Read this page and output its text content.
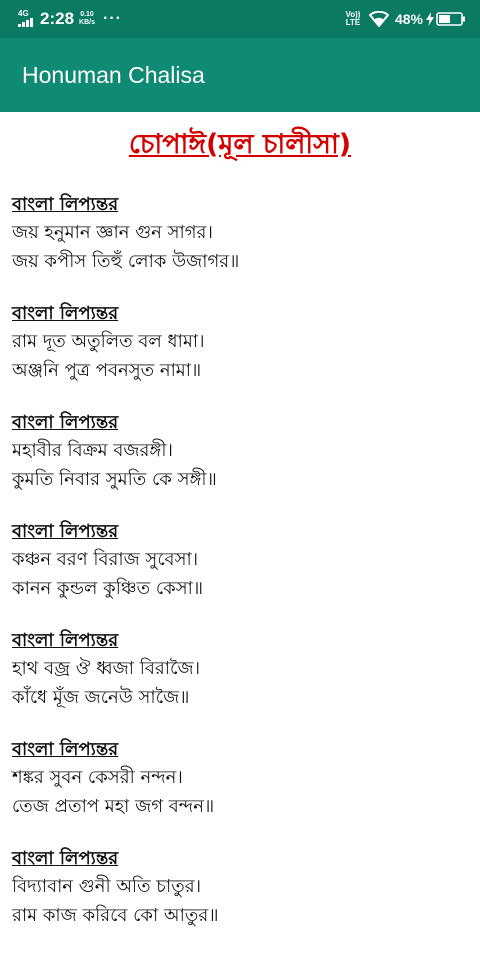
4G 2:28 0.10
KB/s ···	Vo)) LTE 48%
Honuman Chalisa
চোপাঈ(মূল চালীসা)
বাংলা লিপ্যন্তর
জয় হনুমান জ্ঞান গুন সাগর।
জয় কপীস তিহুঁ লোক উজাগর॥
বাংলা লিপ্যন্তর
রাম দূত অতুলিত বল ধামা।
অঞ্জনি পুত্র পবনসুত নামা॥
বাংলা লিপ্যন্তর
মহাবীর বিক্রম বজরঙ্গী।
কুমতি নিবার সুমতি কে সঙ্গী॥
বাংলা লিপ্যন্তর
কঞ্চন বরণ বিরাজ সুবেসা।
কানন কুন্ডল কুঞ্চিত কেসা॥
বাংলা লিপ্যন্তর
হাথ বজ্র ঔ ধ্বজা বিরাজৈ।
কাঁধে মূঁজ জনেউ সাজৈ॥
বাংলা লিপ্যন্তর
শঙ্কর সুবন কেসরী নন্দন।
তেজ প্রতাপ মহা জগ বন্দন॥
বাংলা লিপ্যন্তর
বিদ্যাবান গুনী অতি চাতুর।
রাম কাজ করিবে কো আতুর॥
